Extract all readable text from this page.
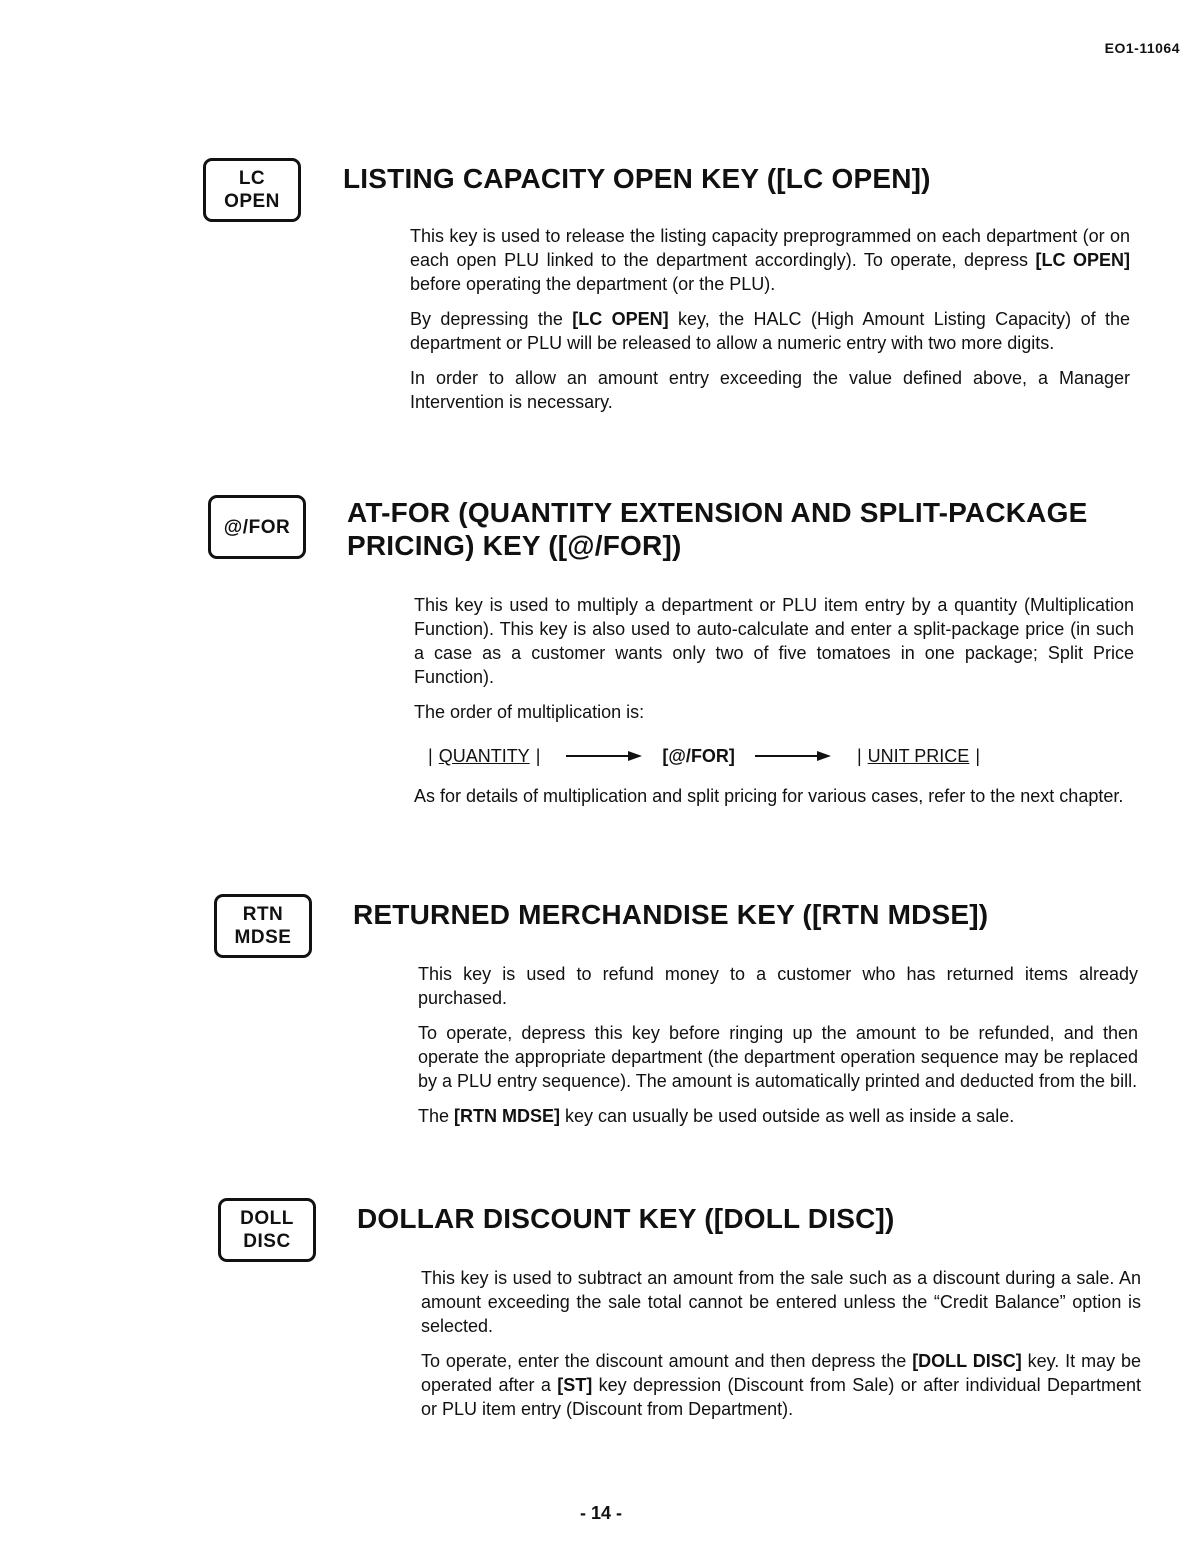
EO1-11064
LC
OPEN
LISTING CAPACITY OPEN KEY ([LC OPEN])

This key is used to release the listing capacity preprogrammed on each department (or on each open PLU linked to the department accordingly). To operate, depress [LC OPEN] before operating the department (or the PLU).

By depressing the [LC OPEN] key, the HALC (High Amount Listing Capacity) of the department or PLU will be released to allow a numeric entry with two more digits.

In order to allow an amount entry exceeding the value defined above, a Manager Intervention is necessary.

@/FOR AT-FOR (QUANTITY EXTENSION AND SPLIT-PACKAGE
PRICING) KEY ([@/FOR])

This key is used to multiply a department or PLU item entry by a quantity (Multiplication Function). This key is also used to auto-calculate and enter a split-package price (in such a case as a customer wants only two of five tomatoes in one package; Split Price Function).

The order of multiplication is:

| QUANTITY |	[@/FOR]	| UNIT PRICE |

As for details of multiplication and split pricing for various cases, refer to the next chapter.

RTN
MDSE
RETURNED MERCHANDISE KEY ([RTN MDSE])

This key is used to refund money to a customer who has returned items already purchased.

To operate, depress this key before ringing up the amount to be refunded, and then operate the appropriate department (the department operation sequence may be replaced by a PLU entry sequence). The amount is automatically printed and deducted from the bill.

The [RTN MDSE] key can usually be used outside as well as inside a sale.

DOLL
DISC
DOLLAR DISCOUNT KEY ([DOLL DISC])

This key is used to subtract an amount from the sale such as a discount during a sale. An amount exceeding the sale total cannot be entered unless the “Credit Balance” option is selected.

To operate, enter the discount amount and then depress the [DOLL DISC] key. It may be operated after a [ST] key depression (Discount from Sale) or after individual Department or PLU item entry (Discount from Department).

- 14 -
